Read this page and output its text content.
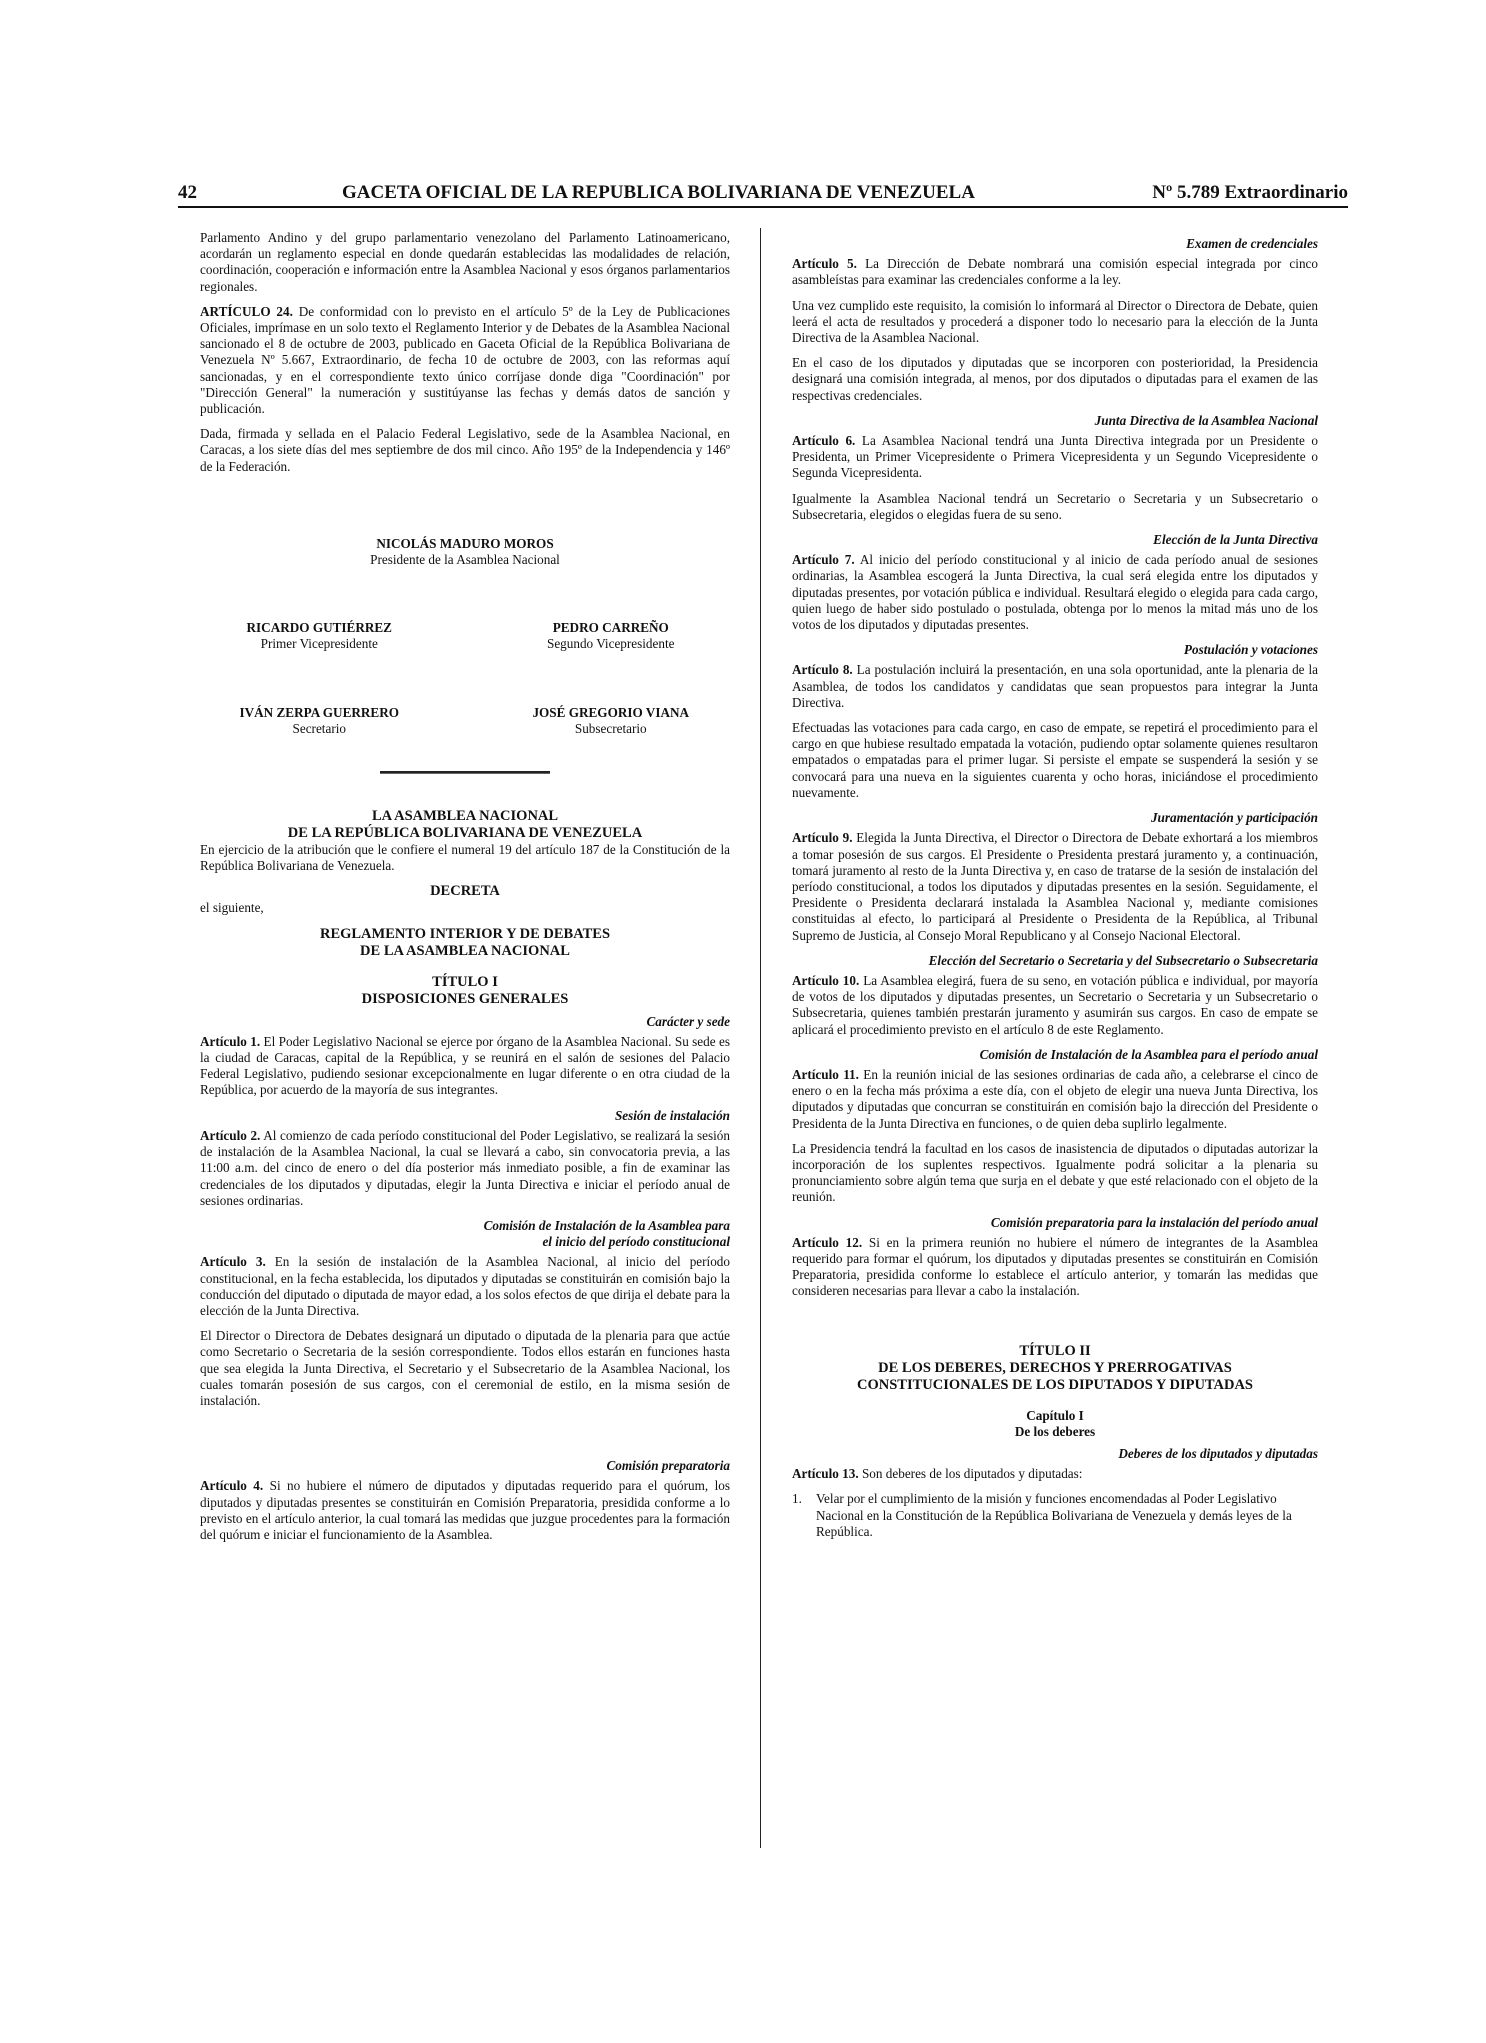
42	GACETA OFICIAL DE LA REPUBLICA BOLIVARIANA DE VENEZUELA	Nº 5.789 Extraordinario

Parlamento Andino y del grupo parlamentario venezolano del Parlamento Latinoamericano, acordarán un reglamento especial en donde quedarán establecidas las modalidades de relación, coordinación, cooperación e información entre la Asamblea Nacional y esos órganos parlamentarios regionales.

ARTÍCULO 24. De conformidad con lo previsto en el artículo 5º de la Ley de Publicaciones Oficiales, imprímase en un solo texto el Reglamento Interior y de Debates de la Asamblea Nacional sancionado el 8 de octubre de 2003, publicado en Gaceta Oficial de la República Bolivariana de Venezuela Nº 5.667, Extraordinario, de fecha 10 de octubre de 2003, con las reformas aquí sancionadas, y en el correspondiente texto único corríjase donde diga "Coordinación" por "Dirección General" la numeración y sustitúyanse las fechas y demás datos de sanción y publicación.

Dada, firmada y sellada en el Palacio Federal Legislativo, sede de la Asamblea Nacional, en Caracas, a los siete días del mes septiembre de dos mil cinco. Año 195º de la Independencia y 146º de la Federación.

NICOLÁS MADURO MOROS
Presidente de la Asamblea Nacional
RICARDO GUTIÉRREZ
Primer Vicepresidente
PEDRO CARREÑO
Segundo Vicepresidente
IVÁN ZERPA GUERRERO
Secretario
JOSÉ GREGORIO VIANA
Subsecretario
LA ASAMBLEA NACIONAL
DE LA REPÚBLICA BOLIVARIANA DE VENEZUELA

En ejercicio de la atribución que le confiere el numeral 19 del artículo 187 de la Constitución de la República Bolivariana de Venezuela.

DECRETA

el siguiente,

REGLAMENTO INTERIOR Y DE DEBATES
DE LA ASAMBLEA NACIONAL
TÍTULO I
DISPOSICIONES GENERALES
Carácter y sede

Artículo 1. El Poder Legislativo Nacional se ejerce por órgano de la Asamblea Nacional. Su sede es la ciudad de Caracas, capital de la República, y se reunirá en el salón de sesiones del Palacio Federal Legislativo, pudiendo sesionar excepcionalmente en lugar diferente o en otra ciudad de la República, por acuerdo de la mayoría de sus integrantes.

Sesión de instalación

Artículo 2. Al comienzo de cada período constitucional del Poder Legislativo, se realizará la sesión de instalación de la Asamblea Nacional, la cual se llevará a cabo, sin convocatoria previa, a las 11:00 a.m. del cinco de enero o del día posterior más inmediato posible, a fin de examinar las credenciales de los diputados y diputadas, elegir la Junta Directiva e iniciar el período anual de sesiones ordinarias.

Comisión de Instalación de la Asamblea para
el inicio del período constitucional

Artículo 3. En la sesión de instalación de la Asamblea Nacional, al inicio del período constitucional, en la fecha establecida, los diputados y diputadas se constituirán en comisión bajo la conducción del diputado o diputada de mayor edad, a los solos efectos de que dirija el debate para la elección de la Junta Directiva.

El Director o Directora de Debates designará un diputado o diputada de la plenaria para que actúe como Secretario o Secretaria de la sesión correspondiente. Todos ellos estarán en funciones hasta que sea elegida la Junta Directiva, el Secretario y el Subsecretario de la Asamblea Nacional, los cuales tomarán posesión de sus cargos, con el ceremonial de estilo, en la misma sesión de instalación.

Comisión preparatoria

Artículo 4. Si no hubiere el número de diputados y diputadas requerido para el quórum, los diputados y diputadas presentes se constituirán en Comisión Preparatoria, presidida conforme a lo previsto en el artículo anterior, la cual tomará las medidas que juzgue procedentes para la formación del quórum e iniciar el funcionamiento de la Asamblea.

Examen de credenciales

Artículo 5. La Dirección de Debate nombrará una comisión especial integrada por cinco asambleístas para examinar las credenciales conforme a la ley.

Una vez cumplido este requisito, la comisión lo informará al Director o Directora de Debate, quien leerá el acta de resultados y procederá a disponer todo lo necesario para la elección de la Junta Directiva de la Asamblea Nacional.

En el caso de los diputados y diputadas que se incorporen con posterioridad, la Presidencia designará una comisión integrada, al menos, por dos diputados o diputadas para el examen de las respectivas credenciales.

Junta Directiva de la Asamblea Nacional

Artículo 6. La Asamblea Nacional tendrá una Junta Directiva integrada por un Presidente o Presidenta, un Primer Vicepresidente o Primera Vicepresidenta y un Segundo Vicepresidente o Segunda Vicepresidenta.

Igualmente la Asamblea Nacional tendrá un Secretario o Secretaria y un Subsecretario o Subsecretaria, elegidos o elegidas fuera de su seno.

Elección de la Junta Directiva

Artículo 7. Al inicio del período constitucional y al inicio de cada período anual de sesiones ordinarias, la Asamblea escogerá la Junta Directiva, la cual será elegida entre los diputados y diputadas presentes, por votación pública e individual. Resultará elegido o elegida para cada cargo, quien luego de haber sido postulado o postulada, obtenga por lo menos la mitad más uno de los votos de los diputados y diputadas presentes.

Postulación y votaciones

Artículo 8. La postulación incluirá la presentación, en una sola oportunidad, ante la plenaria de la Asamblea, de todos los candidatos y candidatas que sean propuestos para integrar la Junta Directiva.

Efectuadas las votaciones para cada cargo, en caso de empate, se repetirá el procedimiento para el cargo en que hubiese resultado empatada la votación, pudiendo optar solamente quienes resultaron empatados o empatadas para el primer lugar. Si persiste el empate se suspenderá la sesión y se convocará para una nueva en la siguientes cuarenta y ocho horas, iniciándose el procedimiento nuevamente.

Juramentación y participación

Artículo 9. Elegida la Junta Directiva, el Director o Directora de Debate exhortará a los miembros a tomar posesión de sus cargos. El Presidente o Presidenta prestará juramento y, a continuación, tomará juramento al resto de la Junta Directiva y, en caso de tratarse de la sesión de instalación del período constitucional, a todos los diputados y diputadas presentes en la sesión. Seguidamente, el Presidente o Presidenta declarará instalada la Asamblea Nacional y, mediante comisiones constituidas al efecto, lo participará al Presidente o Presidenta de la República, al Tribunal Supremo de Justicia, al Consejo Moral Republicano y al Consejo Nacional Electoral.

Elección del Secretario o Secretaria y del Subsecretario o Subsecretaria

Artículo 10. La Asamblea elegirá, fuera de su seno, en votación pública e individual, por mayoría de votos de los diputados y diputadas presentes, un Secretario o Secretaria y un Subsecretario o Subsecretaria, quienes también prestarán juramento y asumirán sus cargos. En caso de empate se aplicará el procedimiento previsto en el artículo 8 de este Reglamento.

Comisión de Instalación de la Asamblea para el período anual

Artículo 11. En la reunión inicial de las sesiones ordinarias de cada año, a celebrarse el cinco de enero o en la fecha más próxima a este día, con el objeto de elegir una nueva Junta Directiva, los diputados y diputadas que concurran se constituirán en comisión bajo la dirección del Presidente o Presidenta de la Junta Directiva en funciones, o de quien deba suplirlo legalmente.

La Presidencia tendrá la facultad en los casos de inasistencia de diputados o diputadas autorizar la incorporación de los suplentes respectivos. Igualmente podrá solicitar a la plenaria su pronunciamiento sobre algún tema que surja en el debate y que esté relacionado con el objeto de la reunión.

Comisión preparatoria para la instalación del período anual

Artículo 12. Si en la primera reunión no hubiere el número de integrantes de la Asamblea requerido para formar el quórum, los diputados y diputadas presentes se constituirán en Comisión Preparatoria, presidida conforme lo establece el artículo anterior, y tomarán las medidas que consideren necesarias para llevar a cabo la instalación.

TÍTULO II
DE LOS DEBERES, DERECHOS Y PRERROGATIVAS
CONSTITUCIONALES DE LOS DIPUTADOS Y DIPUTADAS
Capítulo I
De los deberes
Deberes de los diputados y diputadas

Artículo 13. Son deberes de los diputados y diputadas:

1.	Velar por el cumplimiento de la misión y funciones encomendadas al Poder Legislativo Nacional en la Constitución de la República Bolivariana de Venezuela y demás leyes de la República.
